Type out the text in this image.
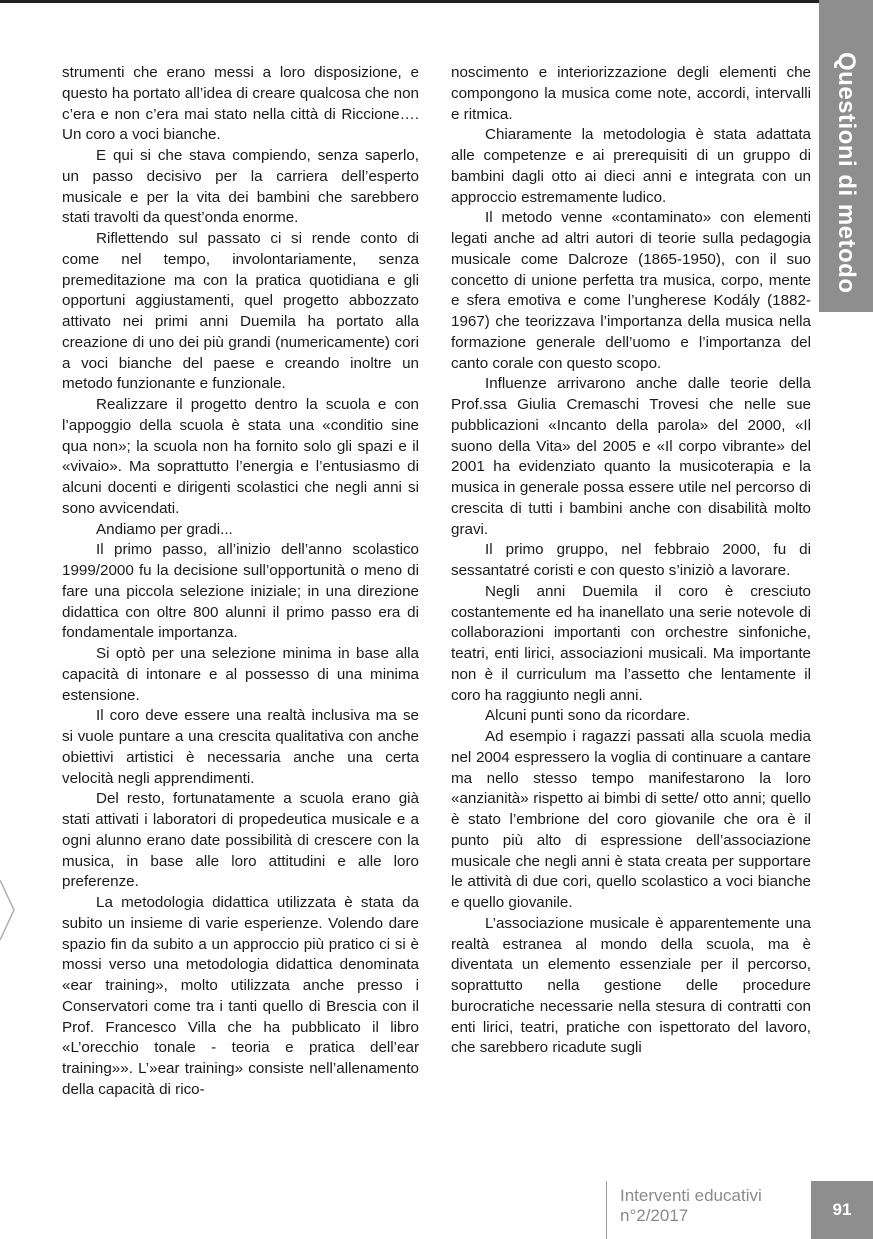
Questioni di metodo

strumenti che erano messi a loro disposizione, e questo ha portato all’idea di creare qualcosa che non c’era e non c’era mai stato nella città di Riccione…. Un coro a voci bianche.

E qui si che stava compiendo, senza saperlo, un passo decisivo per la carriera dell’esperto musicale e per la vita dei bambini che sarebbero stati travolti da quest’onda enorme.

Riflettendo sul passato ci si rende conto di come nel tempo, involontariamente, senza premeditazione ma con la pratica quotidiana e gli opportuni aggiustamenti, quel progetto abbozzato attivato nei primi anni Duemila ha portato alla creazione di uno dei più grandi (numericamente) cori a voci bianche del paese e creando inoltre un metodo funzionante e funzionale.

Realizzare il progetto dentro la scuola e con l’appoggio della scuola è stata una «conditio sine qua non»; la scuola non ha fornito solo gli spazi e il «vivaio». Ma soprattutto l’energia e l’entusiasmo di alcuni docenti e dirigenti scolastici che negli anni si sono avvicendati.

Andiamo per gradi...

Il primo passo, all’inizio dell’anno scolastico 1999/2000 fu la decisione sull’opportunità o meno di fare una piccola selezione iniziale; in una direzione didattica con oltre 800 alunni il primo passo era di fondamentale importanza.

Si optò per una selezione minima in base alla capacità di intonare e al possesso di una minima estensione.

Il coro deve essere una realtà inclusiva ma se si vuole puntare a una crescita qualitativa con anche obiettivi artistici è necessaria anche una certa velocità negli apprendimenti.

Del resto, fortunatamente a scuola erano già stati attivati i laboratori di propedeutica musicale e a ogni alunno erano date possibilità di crescere con la musica, in base alle loro attitudini e alle loro preferenze.

La metodologia didattica utilizzata è stata da subito un insieme di varie esperienze. Volendo dare spazio fin da subito a un approccio più pratico ci si è mossi verso una metodologia didattica denominata «ear training», molto utilizzata anche presso i Conservatori come tra i tanti quello di Brescia con il Prof. Francesco Villa che ha pubblicato il libro «L’orecchio tonale - teoria e pratica dell’ear training»». L’»ear training» consiste nell’allenamento della capacità di rico-

noscimento e interiorizzazione degli elementi che compongono la musica come note, accordi, intervalli e ritmica.

Chiaramente la metodologia è stata adattata alle competenze e ai prerequisiti di un gruppo di bambini dagli otto ai dieci anni e integrata con un approccio estremamente ludico.

Il metodo venne «contaminato» con elementi legati anche ad altri autori di teorie sulla pedagogia musicale come Dalcroze (1865-1950), con il suo concetto di unione perfetta tra musica, corpo, mente e sfera emotiva e come l’ungherese Kodály (1882-1967) che teorizzava l’importanza della musica nella formazione generale dell’uomo e l’importanza del canto corale con questo scopo.

Influenze arrivarono anche dalle teorie della Prof.ssa Giulia Cremaschi Trovesi che nelle sue pubblicazioni «Incanto della parola» del 2000, «Il suono della Vita» del 2005 e «Il corpo vibrante» del 2001 ha evidenziato quanto la musicoterapia e la musica in generale possa essere utile nel percorso di crescita di tutti i bambini anche con disabilità molto gravi.

Il primo gruppo, nel febbraio 2000, fu di sessantatré coristi e con questo s’iniziò a lavorare.

Negli anni Duemila il coro è cresciuto costantemente ed ha inanellato una serie notevole di collaborazioni importanti con orchestre sinfoniche, teatri, enti lirici, associazioni musicali. Ma importante non è il curriculum ma l’assetto che lentamente il coro ha raggiunto negli anni.

Alcuni punti sono da ricordare.

Ad esempio i ragazzi passati alla scuola media nel 2004 espressero la voglia di continuare a cantare ma nello stesso tempo manifestarono la loro «anzianità» rispetto ai bimbi di sette/ otto anni; quello è stato l’embrione del coro giovanile che ora è il punto più alto di espressione dell’associazione musicale che negli anni è stata creata per supportare le attività di due cori, quello scolastico a voci bianche e quello giovanile.

L’associazione musicale è apparentemente una realtà estranea al mondo della scuola, ma è diventata un elemento essenziale per il percorso, soprattutto nella gestione delle procedure burocratiche necessarie nella stesura di contratti con enti lirici, teatri, pratiche con ispettorato del lavoro, che sarebbero ricadute sugli

Interventi educativi
n°2/2017	91
